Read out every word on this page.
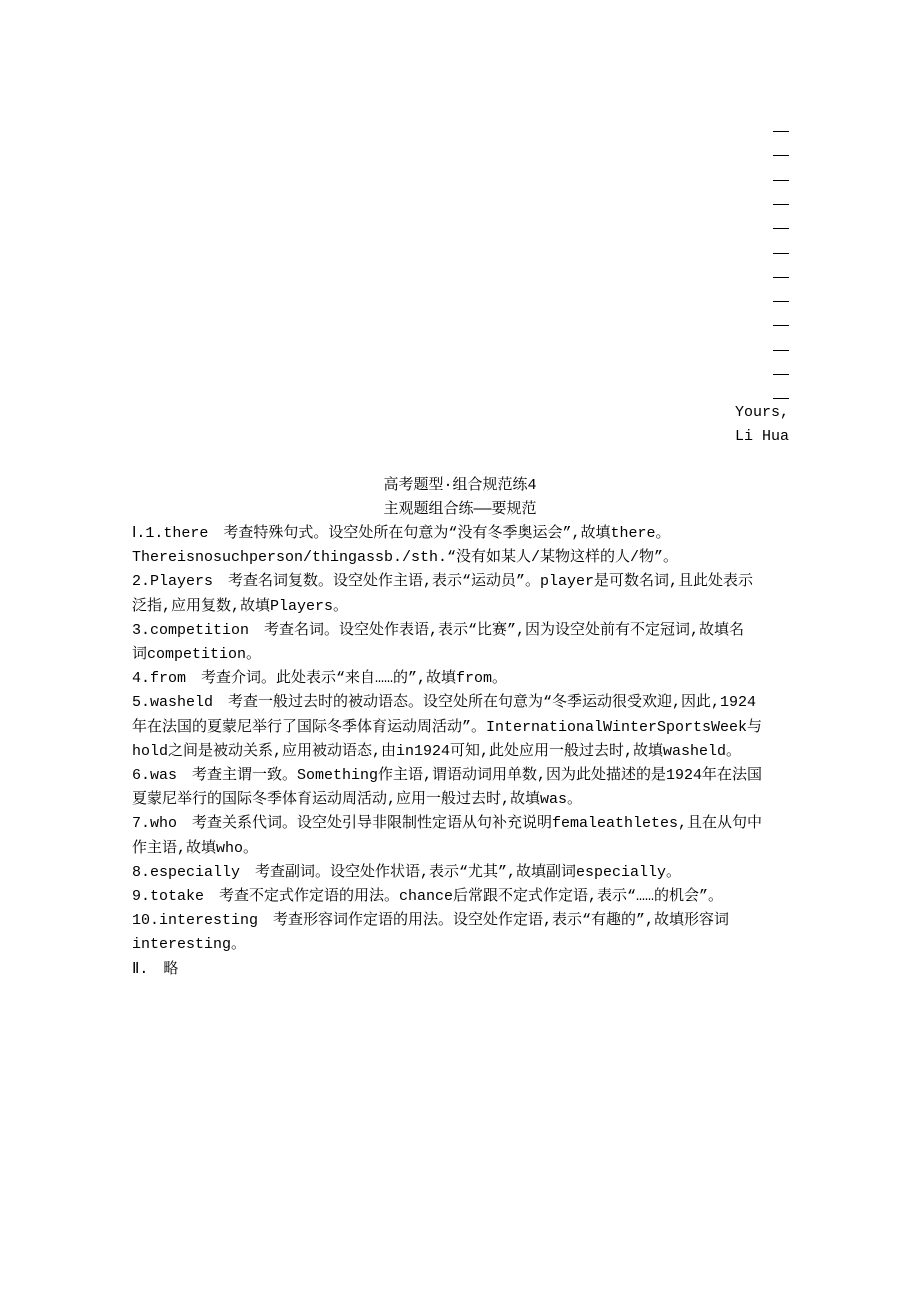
Yours,
Li Hua
高考题型·组合规范练4
主观题组合练——要规范
Ⅰ.1.there　考查特殊句式。设空处所在句意为“没有冬季奥运会”,故填there。
Thereisnosuchperson/thingassb./sth.“没有如某人/某物这样的人/物”。
2.Players　考查名词复数。设空处作主语,表示“运动员”。player是可数名词,且此处表示
泛指,应用复数,故填Players。
3.competition　考查名词。设空处作表语,表示“比赛”,因为设空处前有不定冠词,故填名
词competition。
4.from　考查介词。此处表示“来自……的”,故填from。
5.washeld　考查一般过去时的被动语态。设空处所在句意为“冬季运动很受欢迎,因此,1924
年在法国的夏蒙尼举行了国际冬季体育运动周活动”。InternationalWinterSportsWeek与
hold之间是被动关系,应用被动语态,由in1924可知,此处应用一般过去时,故填washeld。
6.was　考查主谓一致。Something作主语,谓语动词用单数,因为此处描述的是1924年在法国
夏蒙尼举行的国际冬季体育运动周活动,应用一般过去时,故填was。
7.who　考查关系代词。设空处引导非限制性定语从句补充说明femaleathletes,且在从句中
作主语,故填who。
8.especially　考查副词。设空处作状语,表示“尤其”,故填副词especially。
9.totake　考查不定式作定语的用法。chance后常跟不定式作定语,表示“……的机会”。
10.interesting　考查形容词作定语的用法。设空处作定语,表示“有趣的”,故填形容词
interesting。
Ⅱ.　略
